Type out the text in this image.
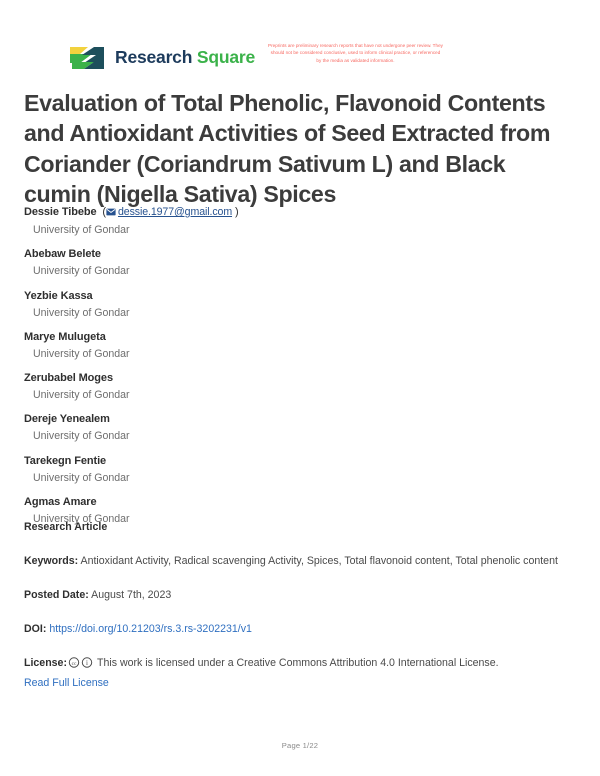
Research Square
Preprints are preliminary research reports that have not undergone peer review. They should not be considered conclusive, used to inform clinical practice, or referenced by the media as validated information.
Evaluation of Total Phenolic, Flavonoid Contents and Antioxidant Activities of Seed Extracted from Coriander (Coriandrum Sativum L) and Black cumin (Nigella Sativa) Spices
Dessie Tibebe  ( dessie.1977@gmail.com )
University of Gondar
Abebaw Belete
University of Gondar
Yezbie Kassa
University of Gondar
Marye Mulugeta
University of Gondar
Zerubabel Moges
University of Gondar
Dereje Yenealem
University of Gondar
Tarekegn Fentie
University of Gondar
Agmas Amare
University of Gondar
Research Article

Keywords: Antioxidant Activity, Radical scavenging Activity, Spices, Total flavonoid content, Total phenolic content

Posted Date: August 7th, 2023

DOI: https://doi.org/10.21203/rs.3.rs-3202231/v1

License: cc i This work is licensed under a Creative Commons Attribution 4.0 International License.
Read Full License

Page 1/22
